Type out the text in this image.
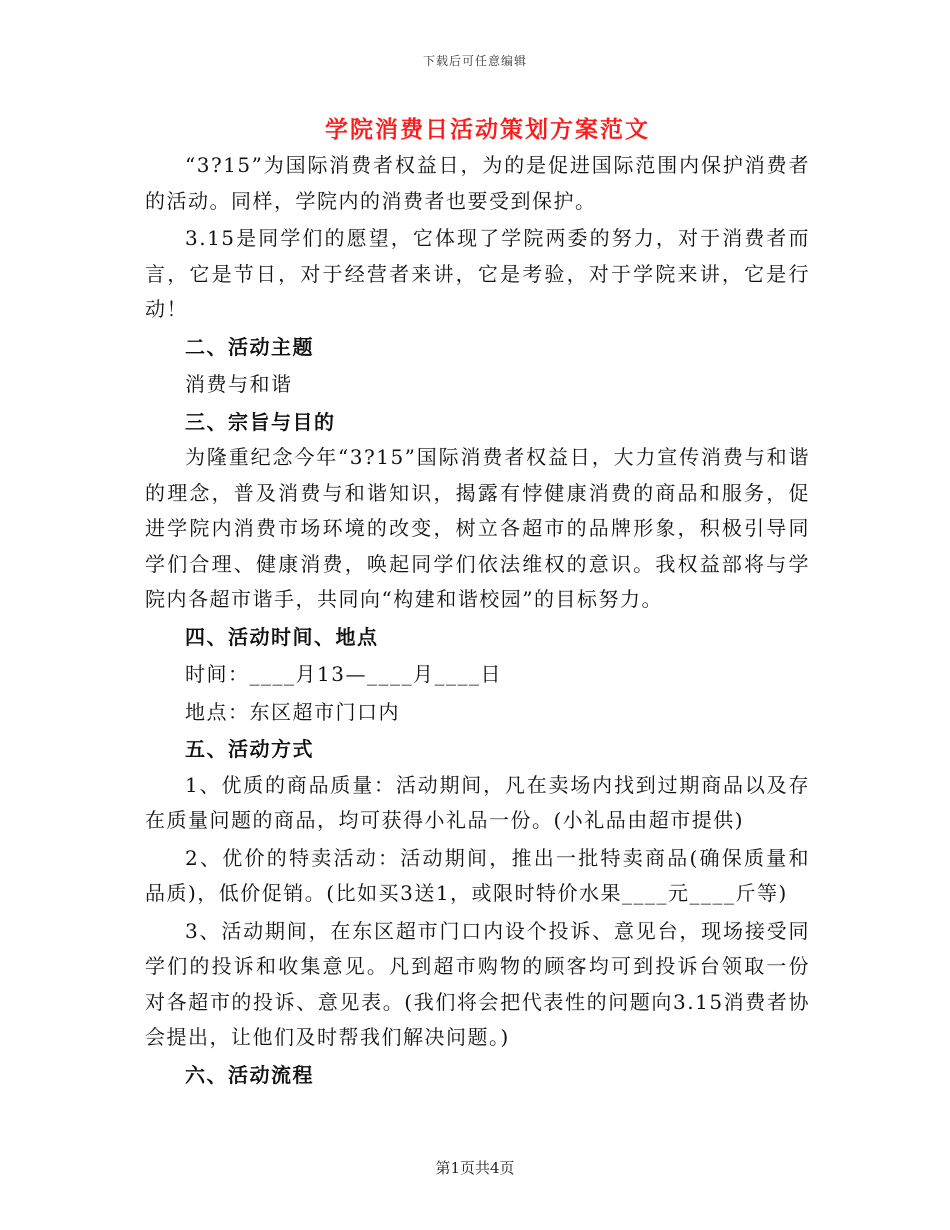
下载后可任意编辑
学院消费日活动策划方案范文

“3?15”为国际消费者权益日，为的是促进国际范围内保护消费者的活动。同样，学院内的消费者也要受到保护。

3.15是同学们的愿望，它体现了学院两委的努力，对于消费者而言，它是节日，对于经营者来讲，它是考验，对于学院来讲，它是行动！

二、活动主题

消费与和谐

三、宗旨与目的

为隆重纪念今年“3?15”国际消费者权益日，大力宣传消费与和谐的理念，普及消费与和谐知识，揭露有悖健康消费的商品和服务，促进学院内消费市场环境的改变，树立各超市的品牌形象，积极引导同学们合理、健康消费，唤起同学们依法维权的意识。我权益部将与学院内各超市谐手，共同向“构建和谐校园”的目标努力。

四、活动时间、地点

时间：____月13—____月____日

地点：东区超市门口内

五、活动方式

1、优质的商品质量：活动期间，凡在卖场内找到过期商品以及存在质量问题的商品，均可获得小礼品一份。(小礼品由超市提供)

2、优价的特卖活动：活动期间，推出一批特卖商品(确保质量和品质)，低价促销。(比如买3送1，或限时特价水果____元____斤等)

3、活动期间，在东区超市门口内设个投诉、意见台，现场接受同学们的投诉和收集意见。凡到超市购物的顾客均可到投诉台领取一份对各超市的投诉、意见表。(我们将会把代表性的问题向3.15消费者协会提出，让他们及时帮我们解决问题。)

六、活动流程

第1页共4页
